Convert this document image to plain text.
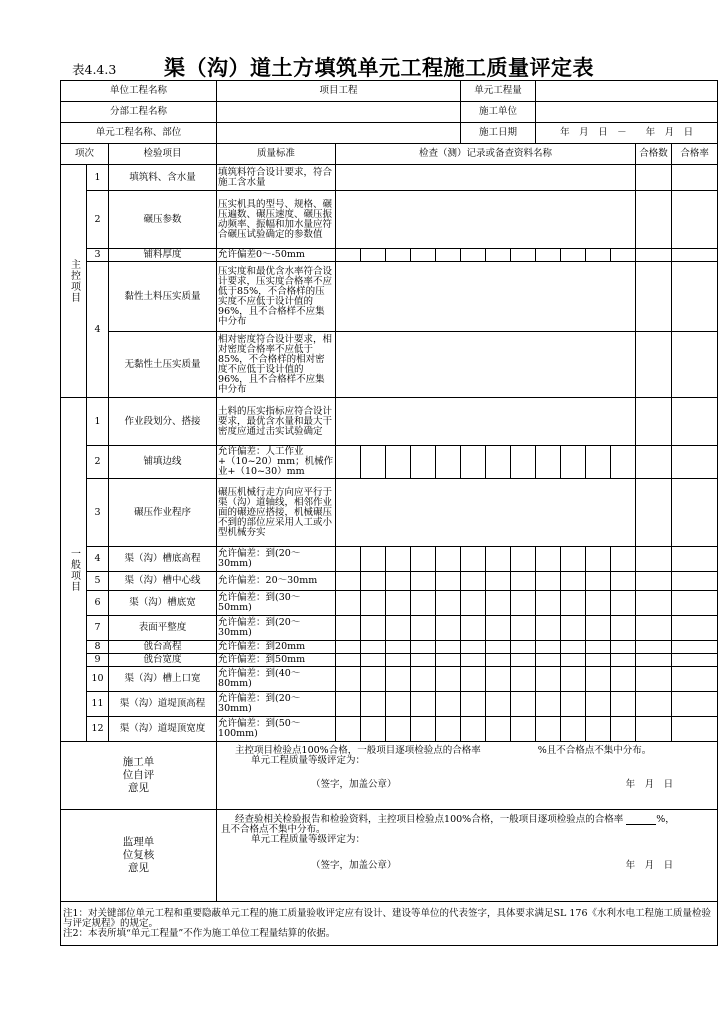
表4.4.3 渠（沟）道土方填筑单元工程施工质量评定表
单位工程名称			项目工程						单元工程量								
分部工程名称									施工单位								
单元工程名称、部位									施工日期			年　月　日　－　　年　月　日					
项次		检验项目	质量标准	检查（测）记录或备查资料名称												合格数	合格率

主控项目	1	填筑料、含水量	填筑料符合设计要求，符合施工含水量														
	2	碾压参数	压实机具的型号、规格、碾压遍数、碾压速度、碾压振动频率、振幅和加水量应符合碾压试验确定的参数值														
	3	铺料厚度	允许偏差0～-50mm														
	4	黏性土料压实质量	压实度和最优含水率符合设计要求，压实度合格率不应低于85%，不合格样的压实度不应低于设计值的96%，且不合格样不应集中分布														
		无黏性土压实质量	相对密度符合设计要求，相对密度合格率不应低于85%，不合格样的相对密度不应低于设计值的96%，且不合格样不应集中分布														

一般项目	1	作业段划分、搭接	土料的压实指标应符合设计要求，最优含水量和最大干密度应通过击实试验确定														
	2	铺填边线	允许偏差：人工作业+（10~20）mm；机械作业+（10~30）mm														
	3	碾压作业程序	碾压机械行走方向应平行于渠（沟）道轴线，相邻作业面的碾迹应搭接，机械碾压不到的部位应采用人工或小型机械夯实														
	4	渠（沟）槽底高程	允许偏差：到(20～30mm)														
	5	渠（沟）槽中心线	允许偏差：20～30mm														
	6	渠（沟）槽底宽	允许偏差：到(30～50mm)														
	7	表面平整度	允许偏差：到(20～30mm)														
	8	戗台高程	允许偏差：到20mm														
	9	戗台宽度	允许偏差：到50mm														
	10	渠（沟）槽上口宽	允许偏差：到(40～80mm)														
	11	渠（沟）道堤顶高程	允许偏差：到(20～30mm)														
	12	渠（沟）道堤顶宽度	允许偏差：到(50～100mm)														

施工单位自评意见			主控项目检验点100%合格，一般项目逐项检验点的合格率　　　　　　%且不合格点不集中分布。
单元工程质量等级评定为：
（签字，加盖公章） 年　月　日														

监理单位复核意见			经查验相关检验报告和检验资料，主控项目检验点100%合格，一般项目逐项检验点的合格率 %，
且不合格点不集中分布。
单元工程质量等级评定为：
（签字，加盖公章） 年　月　日														

注1：对关键部位单元工程和重要隐蔽单元工程的施工质量验收评定应有设计、建设等单位的代表签字，具体要求满足SL 176《水利水电工程施工质量检验与评定规程》的规定。
注2：本表所填“单元工程量”不作为施工单位工程量结算的依据。																	
